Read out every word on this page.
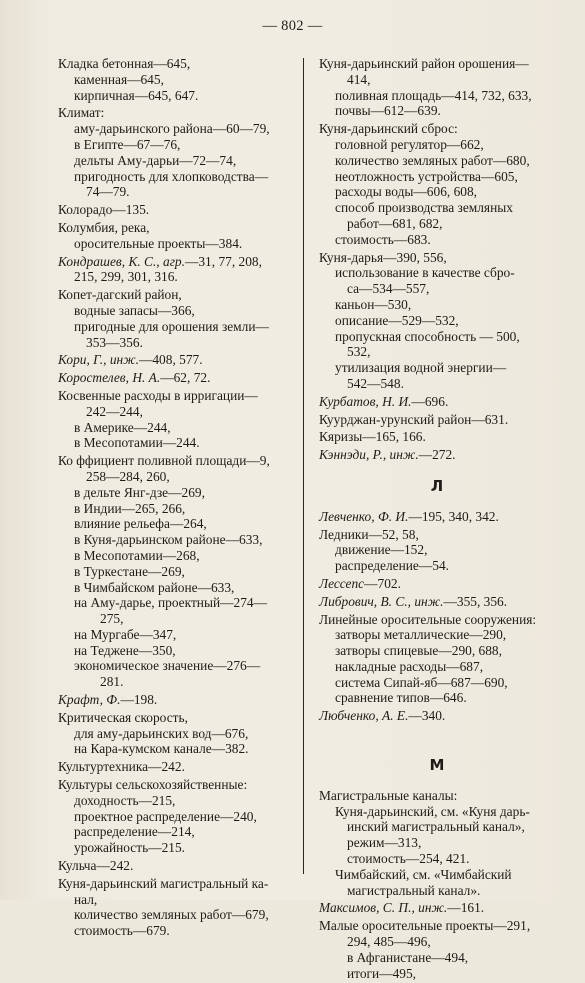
— 802 —
Кладка бетонная—645,
каменная—645,
кирпичная—645, 647.
Климат:
аму-дарьинского района—60—79,
в Египте—67—76,
дельты Аму-дарьи—72—74,
пригодность для хлопководства—
74—79.
Колорадо—135.
Колумбия, река,
оросительные проекты—384.
Кондрашев, К. С., агр.—31, 77, 208,
215, 299, 301, 316.
Копет-дагский район,
водные запасы—366,
пригодные для орошения земли—
353—356.
Кори, Г., инж.—408, 577.
Коростелев, Н. А.—62, 72.
Косвенные расходы в ирригации—
242—244,
в Америке—244,
в Месопотамии—244.
Ко ффициент поливной площади—9,
258—284, 260,
в дельте Янг-дзе—269,
в Индии—265, 266,
влияние рельефа—264,
в Куня-дарьинском районе—633,
в Месопотамии—268,
в Туркестане—269,
в Чимбайском районе—633,
на Аму-дарье, проектный—274—
275,
на Мургабе—347,
на Теджене—350,
экономическое значение—276—
281.
Крафт, Ф.—198.
Критическая скорость,
для аму-дарьинских вод—676,
на Кара-кумском канале—382.
Культуртехника—242.
Культуры сельскохозяйственные:
доходность—215,
проектное распределение—240,
распределение—214,
урожайность—215.
Кульча—242.
Куня-дарьинский магистральный ка-
нал,
количество земляных работ—679,
стоимость—679.
Куня-дарьинский район орошения—
414,
поливная площадь—414, 732, 633,
почвы—612—639.
Куня-дарьинский сброс:
головной регулятор—662,
количество земляных работ—680,
неотложность устройства—605,
расходы воды—606, 608,
способ производства земляных
работ—681, 682,
стоимость—683.
Куня-дарья—390, 556,
использование в качестве сбро-
са—534—557,
каньон—530,
описание—529—532,
пропускная способность — 500,
532,
утилизация водной энергии—
542—548.
Курбатов, Н. И.—696.
Куурджан-урунский район—631.
Кяризы—165, 166.
Кэннэди, Р., инж.—272.
Л
Левченко, Ф. И.—195, 340, 342.
Ледники—52, 58,
движение—152,
распределение—54.
Лессепс—702.
Либрович, В. С., инж.—355, 356.
Линейные оросительные сооружения:
затворы металлические—290,
затворы спицевые—290, 688,
накладные расходы—687,
система Сипай-яб—687—690,
сравнение типов—646.
Любченко, А. Е.—340.
М
Магистральные каналы:
Куня-дарьинский, см. «Куня дарь-
инский магистральный канал»,
режим—313,
стоимость—254, 421.
Чимбайский, см. «Чимбайский
магистральный канал».
Максимов, С. П., инж.—161.
Малые оросительные проекты—291,
294, 485—496,
в Афганистане—494,
итоги—495,
